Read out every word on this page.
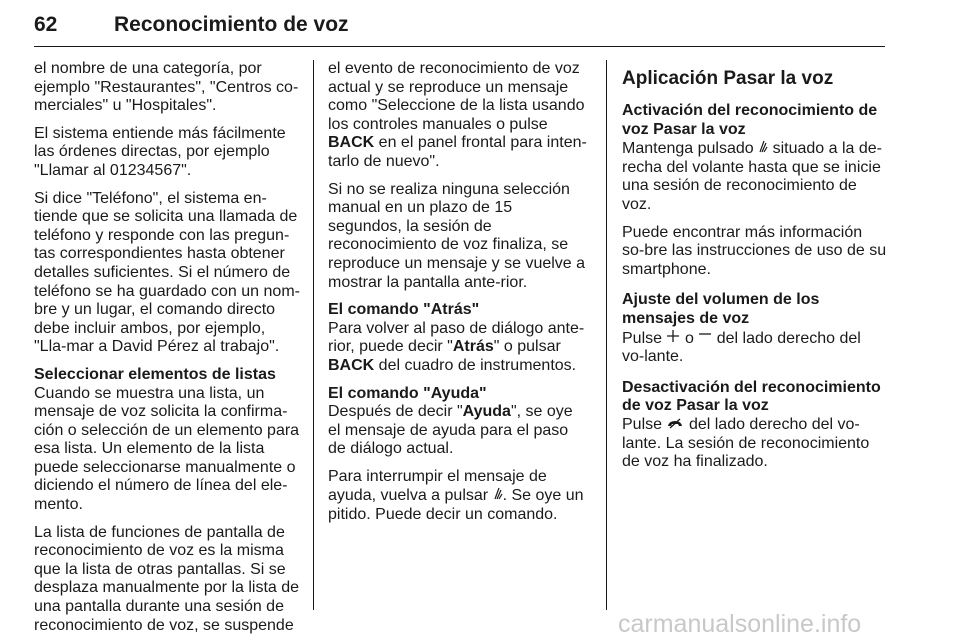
62	Reconocimiento de voz

el nombre de una categoría, por ejemplo "Restaurantes", "Centros co-merciales" u "Hospitales".

El sistema entiende más fácilmente las órdenes directas, por ejemplo "Llamar al 01234567".

Si dice "Teléfono", el sistema en-tiende que se solicita una llamada de teléfono y responde con las pregun-tas correspondientes hasta obtener detalles suficientes. Si el número de teléfono se ha guardado con un nom-bre y un lugar, el comando directo debe incluir ambos, por ejemplo, "Lla-mar a David Pérez al trabajo".

Seleccionar elementos de listas

Cuando se muestra una lista, un mensaje de voz solicita la confirma-ción o selección de un elemento para esa lista. Un elemento de la lista puede seleccionarse manualmente o diciendo el número de línea del ele-mento.

La lista de funciones de pantalla de reconocimiento de voz es la misma que la lista de otras pantallas. Si se desplaza manualmente por la lista de una pantalla durante una sesión de reconocimiento de voz, se suspende

el evento de reconocimiento de voz actual y se reproduce un mensaje como "Seleccione de la lista usando los controles manuales o pulse BACK en el panel frontal para inten-tarlo de nuevo".

Si no se realiza ninguna selección manual en un plazo de 15 segundos, la sesión de reconocimiento de voz finaliza, se reproduce un mensaje y se vuelve a mostrar la pantalla ante-rior.

El comando "Atrás"

Para volver al paso de diálogo ante-rior, puede decir "Atrás" o pulsar BACK del cuadro de instrumentos.

El comando "Ayuda"

Después de decir "Ayuda", se oye el mensaje de ayuda para el paso de diálogo actual.

Para interrumpir el mensaje de ayuda, vuelva a pulsar . Se oye un pitido. Puede decir un comando.

Aplicación Pasar la voz
Activación del reconocimiento de voz Pasar la voz

Mantenga pulsado situado a la de-recha del volante hasta que se inicie una sesión de reconocimiento de voz.

Puede encontrar más información so-bre las instrucciones de uso de su smartphone.

Ajuste del volumen de los mensajes de voz

Pulse o del lado derecho del vo-lante.

Desactivación del reconocimiento de voz Pasar la voz

Pulse del lado derecho del vo-lante. La sesión de reconocimiento de voz ha finalizado.

carmanualsonline.info
